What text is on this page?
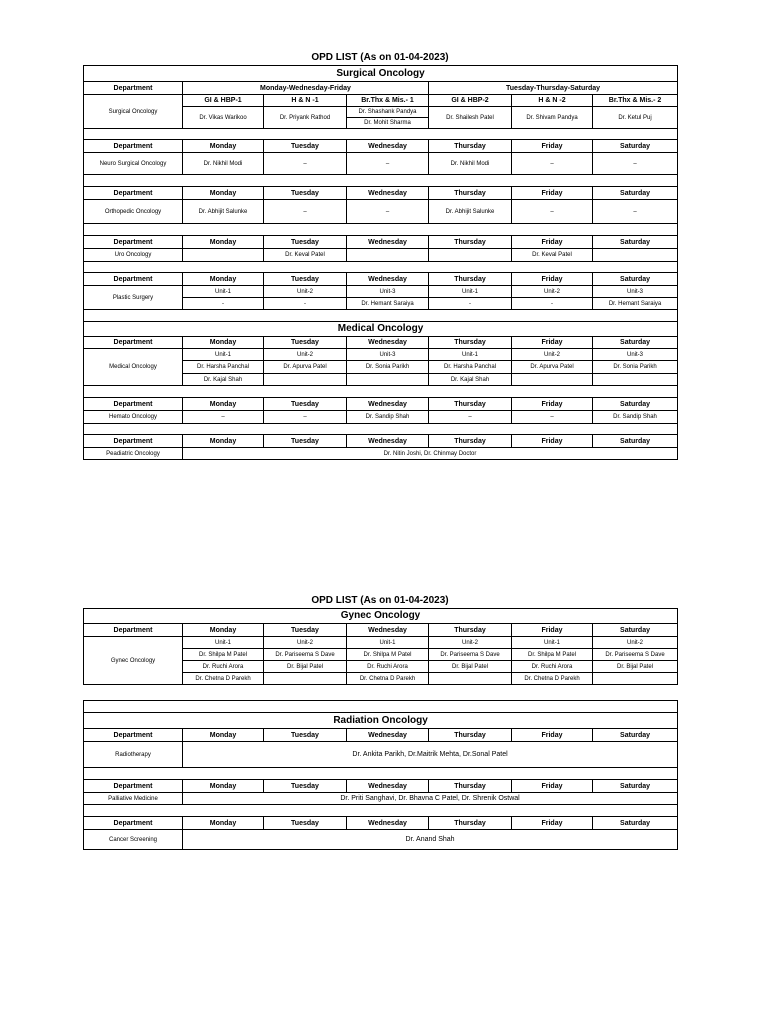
OPD LIST (As on 01-04-2023)
Surgical Oncology						
Department	Monday-Wednesday-Friday			Tuesday-Thursday-Saturday		
Surgical Oncology	GI & HBP-1	H & N -1	Br.Thx & Mis.- 1	GI & HBP-2	H & N -2	Br.Thx & Mis.- 2
	Dr. Vikas Warikoo	Dr. Priyank Rathod	Dr. Shashank Pandya	Dr. Shailesh Patel	Dr. Shivam Pandya	Dr. Ketul Puj
			Dr. Mohit Sharma			

Department	Monday	Tuesday	Wednesday	Thursday	Friday	Saturday
Neuro Surgical Oncology	Dr. Nikhil Modi	–	–	Dr. Nikhil Modi	–	–

Department	Monday	Tuesday	Wednesday	Thursday	Friday	Saturday
Orthopedic Oncology	Dr. Abhijit Salunke	–	–	Dr. Abhijit Salunke	–	–

Department	Monday	Tuesday	Wednesday	Thursday	Friday	Saturday
Uro Oncology		Dr. Keval Patel			Dr. Keval Patel	

Department	Monday	Tuesday	Wednesday	Thursday	Friday	Saturday
Plastic Surgery	Unit-1	Unit-2	Unit-3	Unit-1	Unit-2	Unit-3
	-	-	Dr. Hemant Saraiya	-	-	Dr. Hemant Saraiya

Medical Oncology						
Department	Monday	Tuesday	Wednesday	Thursday	Friday	Saturday
Medical Oncology	Unit-1	Unit-2	Unit-3	Unit-1	Unit-2	Unit-3
	Dr. Harsha Panchal	Dr. Apurva Patel	Dr. Sonia Parikh	Dr. Harsha Panchal	Dr. Apurva Patel	Dr. Sonia Parikh
	Dr. Kajal Shah			Dr. Kajal Shah		

Department	Monday	Tuesday	Wednesday	Thursday	Friday	Saturday
Hemato Oncology	–	–	Dr. Sandip Shah	–	–	Dr. Sandip Shah

Department	Monday	Tuesday	Wednesday	Thursday	Friday	Saturday
Peadiatric Oncology	Dr. Nitin Joshi, Dr. Chinmay Doctor					
OPD LIST (As on 01-04-2023)
Gynec Oncology						
Department	Monday	Tuesday	Wednesday	Thursday	Friday	Saturday
Gynec Oncology	Unit-1	Unit-2	Unit-1	Unit-2	Unit-1	Unit-2
	Dr. Shilpa M Patel	Dr. Pariseema S Dave	Dr. Shilpa M Patel	Dr. Pariseema S Dave	Dr. Shilpa M Patel	Dr. Pariseema S Dave
	Dr. Ruchi Arora	Dr. Bijal Patel	Dr. Ruchi Arora	Dr. Bijal Patel	Dr. Ruchi Arora	Dr. Bijal Patel
	Dr. Chetna D Parekh		Dr. Chetna D Parekh		Dr. Chetna D Parekh	

Radiation Oncology						
Department	Monday	Tuesday	Wednesday	Thursday	Friday	Saturday
Radiotherapy	Dr. Ankita Parikh, Dr.Maitrik Mehta, Dr.Sonal Patel					

Department	Monday	Tuesday	Wednesday	Thursday	Friday	Saturday
Palliative Medicine	Dr. Priti Sanghavi, Dr. Bhavna C Patel, Dr. Shrenik Ostwal					

Department	Monday	Tuesday	Wednesday	Thursday	Friday	Saturday
Cancer Screening	Dr. Anand Shah					
